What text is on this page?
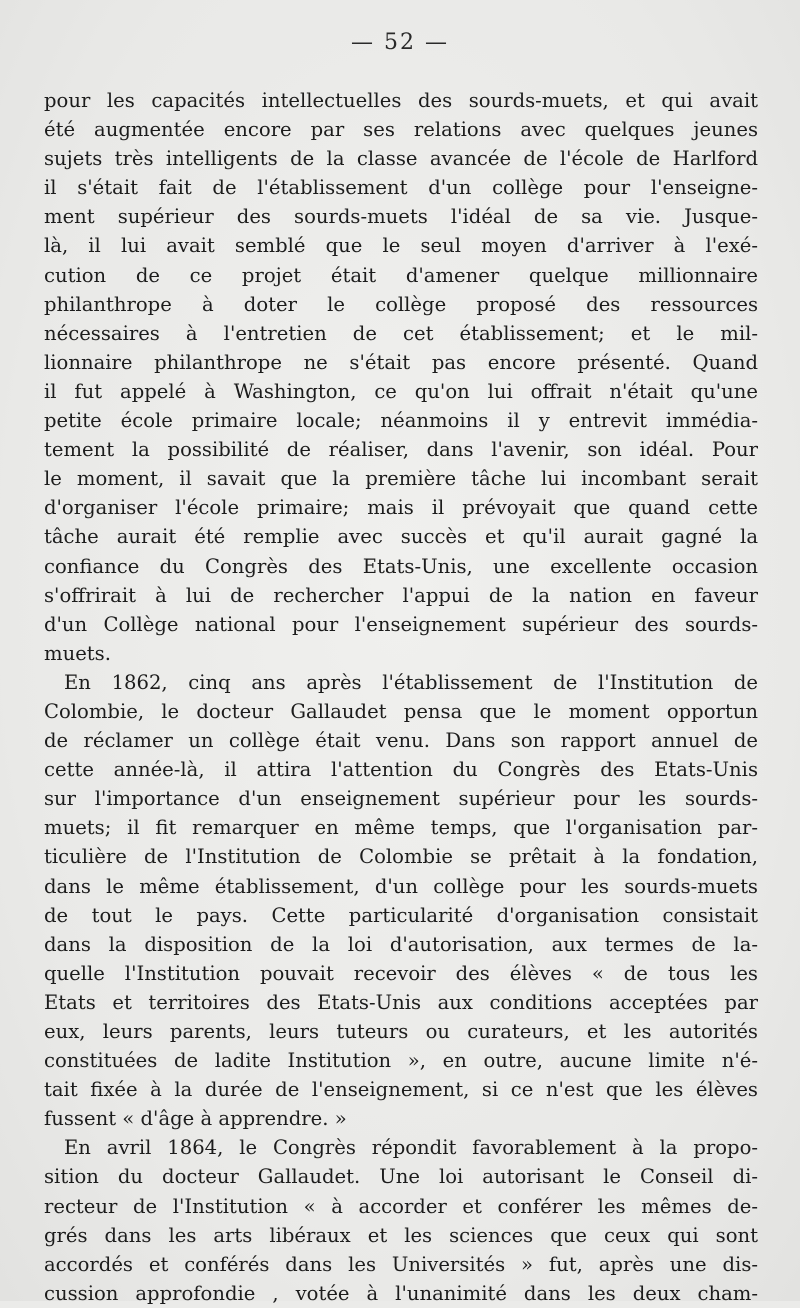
— 52 —
pour les capacités intellectuelles des sourds-muets, et qui avait
été augmentée encore par ses relations avec quelques jeunes
sujets très intelligents de la classe avancée de l'école de Harlford
il s'était fait de l'établissement d'un collège pour l'enseigne-
ment supérieur des sourds-muets l'idéal de sa vie. Jusque-
là, il lui avait semblé que le seul moyen d'arriver à l'exé-
cution de ce projet était d'amener quelque millionnaire
philanthrope à doter le collège proposé des ressources
nécessaires à l'entretien de cet établissement; et le mil-
lionnaire philanthrope ne s'était pas encore présenté. Quand
il fut appelé à Washington, ce qu'on lui offrait n'était qu'une
petite école primaire locale; néanmoins il y entrevit immédia-
tement la possibilité de réaliser, dans l'avenir, son idéal. Pour
le moment, il savait que la première tâche lui incombant serait
d'organiser l'école primaire; mais il prévoyait que quand cette
tâche aurait été remplie avec succès et qu'il aurait gagné la
confiance du Congrès des Etats-Unis, une excellente occasion
s'offrirait à lui de rechercher l'appui de la nation en faveur
d'un Collège national pour l'enseignement supérieur des sourds-
muets.
En 1862, cinq ans après l'établissement de l'Institution de
Colombie, le docteur Gallaudet pensa que le moment opportun
de réclamer un collège était venu. Dans son rapport annuel de
cette année-là, il attira l'attention du Congrès des Etats-Unis
sur l'importance d'un enseignement supérieur pour les sourds-
muets; il fit remarquer en même temps, que l'organisation par-
ticulière de l'Institution de Colombie se prêtait à la fondation,
dans le même établissement, d'un collège pour les sourds-muets
de tout le pays. Cette particularité d'organisation consistait
dans la disposition de la loi d'autorisation, aux termes de la-
quelle l'Institution pouvait recevoir des élèves « de tous les
Etats et territoires des Etats-Unis aux conditions acceptées par
eux, leurs parents, leurs tuteurs ou curateurs, et les autorités
constituées de ladite Institution », en outre, aucune limite n'é-
tait fixée à la durée de l'enseignement, si ce n'est que les élèves
fussent « d'âge à apprendre. »
En avril 1864, le Congrès répondit favorablement à la propo-
sition du docteur Gallaudet. Une loi autorisant le Conseil di-
recteur de l'Institution « à accorder et conférer les mêmes de-
grés dans les arts libéraux et les sciences que ceux qui sont
accordés et conférés dans les Universités » fut, après une dis-
cussion approfondie , votée à l'unanimité dans les deux cham-
